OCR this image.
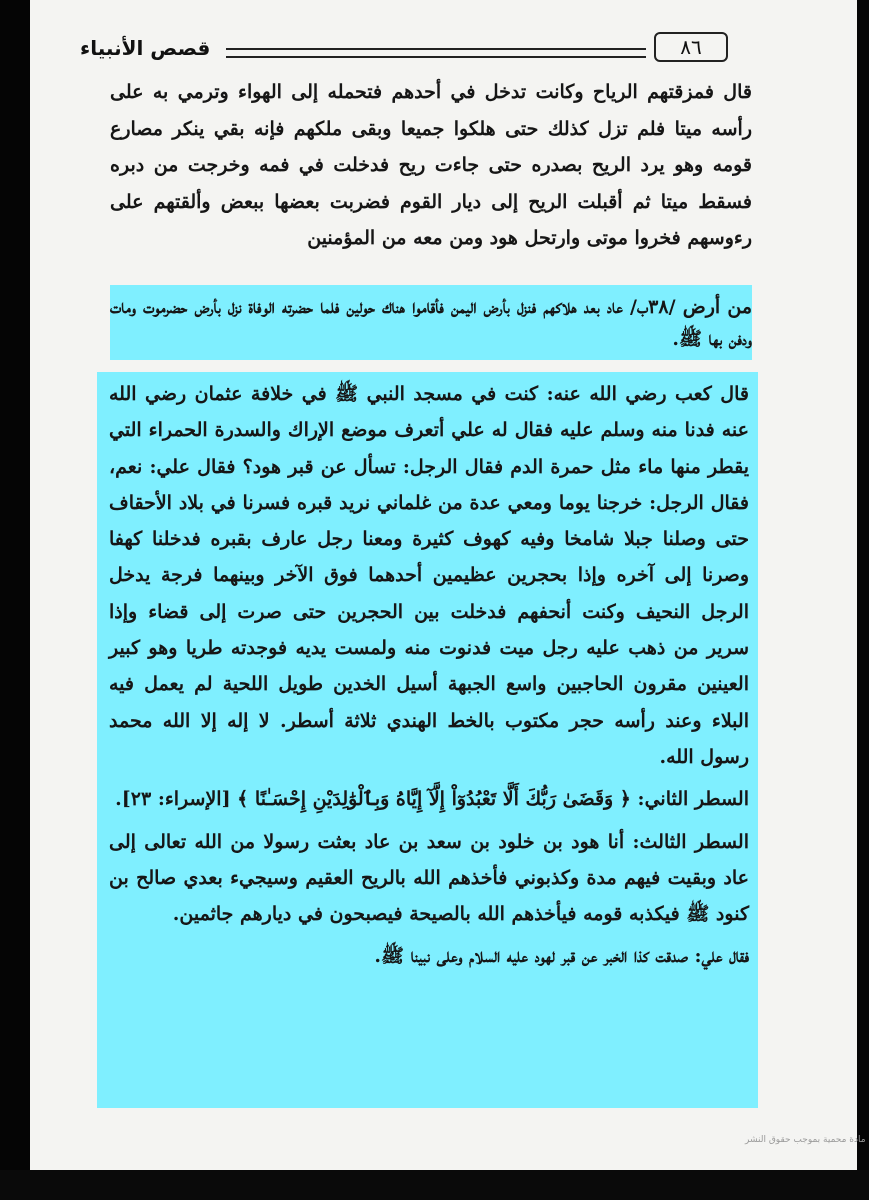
قصص الأنبياء	٨٦
قال فمزقتهم الرياح وكانت تدخل في أحدهم فتحمله إلى الهواء وترمي به على رأسه ميتا فلم تزل كذلك حتى هلكوا جميعا وبقى ملكهم فإنه بقي ينكر مصارع قومه وهو يرد الريح بصدره حتى جاءت ريح فدخلت في فمه وخرجت من دبره فسقط ميتا ثم أقبلت الريح إلى ديار القوم فضربت بعضها ببعض وألقتهم على رءوسهم فخروا موتى وارتحل هود ومن معه من المؤمنين
من أرض /٣٨ب/ عاد بعد هلاكهم فنزل بأرض اليمن فأقاموا هناك حولين فلما حضرته الوفاة نزل بأرض حضرموت ومات ودفن بها ﷺ.

قال كعب رضي الله عنه: كنت في مسجد النبي ﷺ في خلافة عثمان رضي الله عنه فدنا منه وسلم عليه فقال له علي أتعرف موضع الإراك والسدرة الحمراء التي يقطر منها ماء مثل حمرة الدم فقال الرجل: تسأل عن قبر هود؟ فقال علي: نعم، فقال الرجل: خرجنا يوما ومعي عدة من غلماني نريد قبره فسرنا في بلاد الأحقاف حتى وصلنا جبلا شامخا وفيه كهوف كثيرة ومعنا رجل عارف بقبره فدخلنا كهفا وصرنا إلى آخره وإذا بحجرين عظيمين أحدهما فوق الآخر وبينهما فرجة يدخل الرجل النحيف وكنت أنحفهم فدخلت بين الحجرين حتى صرت إلى قضاء وإذا سرير من ذهب عليه رجل ميت فدنوت منه ولمست يديه فوجدته طريا وهو كبير العينين مقرون الحاجبين واسع الجبهة أسيل الخدين طويل اللحية لم يعمل فيه البلاء وعند رأسه حجر مكتوب بالخط الهندي ثلاثة أسطر. لا إله إلا الله محمد رسول الله.

السطر الثاني: ﴿ وَقَضَىٰ رَبُّكَ أَلَّا تَعْبُدُوٓاْ إِلَّآ إِيَّاهُ وَبِٱلْوَٰلِدَيْنِ إِحْسَـٰنًا ﴾ [الإسراء: ٢٣].

السطر الثالث: أنا هود بن خلود بن سعد بن عاد بعثت رسولا من الله تعالى إلى عاد وبقيت فيهم مدة وكذبوني فأخذهم الله بالريح العقيم وسيجيء بعدي صالح بن كنود ﷺ فيكذبه قومه فيأخذهم الله بالصيحة فيصبحون في ديارهم جاثمين.

فقال علي: صدقت كذا الخبر عن قبر لهود عليه السلام وعلى نبينا ﷺ.

مادة محمية بموجب حقوق النشر
